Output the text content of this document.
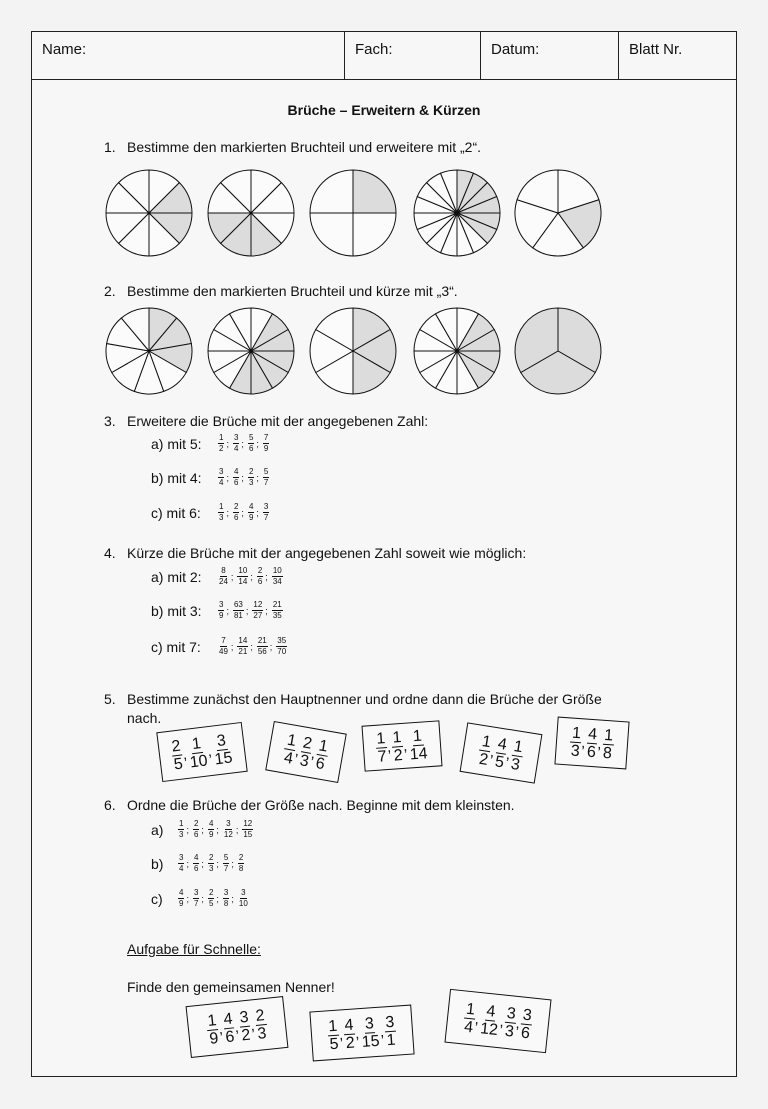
Name:	Fach:	Datum:	Blatt Nr.
Brüche – Erweitern & Kürzen
1. Bestimme den markierten Bruchteil und erweitere mit „2“.
2. Bestimme den markierten Bruchteil und kürze mit „3“.
3. Erweitere die Brüche mit der angegebenen Zahl:
a) mit 5: $\frac{1}{2}$ ; $\frac{3}{4}$ ; $\frac{5}{6}$ ; $\frac{7}{9}$
b) mit 4: $\frac{3}{4}$ ; $\frac{4}{6}$ ; $\frac{2}{3}$ ; $\frac{5}{7}$
c) mit 6: $\frac{1}{3}$ ; $\frac{2}{6}$ ; $\frac{4}{9}$ ; $\frac{3}{7}$
4. Kürze die Brüche mit der angegebenen Zahl soweit wie möglich:
a) mit 2: $\frac{8}{24}$ ; $\frac{10}{14}$ ; $\frac{2}{6}$ ; $\frac{10}{34}$
b) mit 3: $\frac{3}{9}$ ; $\frac{63}{81}$ ; $\frac{12}{27}$ ; $\frac{21}{35}$
c) mit 7: $\frac{7}{49}$ ; $\frac{14}{21}$ ; $\frac{21}{56}$ ; $\frac{35}{70}$
5. Bestimme zunächst den Hauptnenner und ordne dann die Brüche der Größe
nach.
$\frac{2}{5}$
,
$\frac{1}{10}$
,
$\frac{3}{15}$	$\frac{1}{4}$
,
$\frac{2}{3}$
,
$\frac{1}{6}$	$\frac{1}{7}$
, $\frac{1}{2}$
, $\frac{1}{14}$	$\frac{1}{2}$
,
$\frac{4}{5}$
,
$\frac{1}{3}$	$\frac{1}{3}$
, $\frac{4}{6}$
, $\frac{1}{8}$
6. Ordne die Brüche der Größe nach. Beginne mit dem kleinsten.
$a) \frac{1}{3}$ ; $\frac{2}{6}$ ; $\frac{4}{9}$ ; $\frac{3}{12}$ ; $\frac{12}{15}$
$b) \frac{3}{4}$ ; $\frac{4}{6}$ ; $\frac{2}{3}$ ; $\frac{5}{7}$ ; $\frac{2}{8}$
$c) \frac{4}{9}$ ; $\frac{3}{7}$ ; $\frac{2}{5}$ ; $\frac{3}{8}$ ; $\frac{3}{10}$
Aufgabe für Schnelle:
Finde den gemeinsamen Nenner!
$\frac{1}{9}$
,
$\frac{4}{6}$
,
$\frac{3}{2}$
,
$\frac{2}{3}$	$\frac{1}{5}$
, $\frac{4}{2}$
, $\frac{3}{15}$
, $\frac{3}{1}$	$\frac{1}{4}$
,
$\frac{4}{12}$
,
$\frac{3}{3}$
,
$\frac{3}{6}$
